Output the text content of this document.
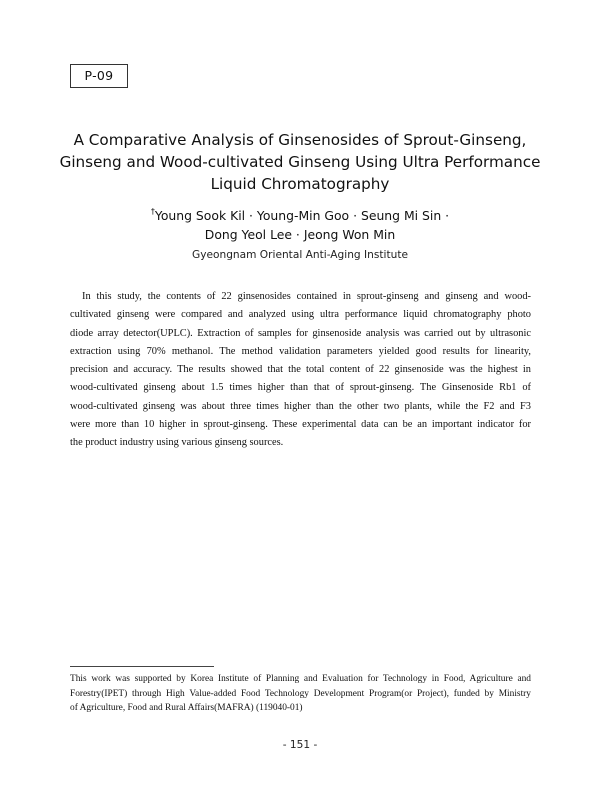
P-09
A Comparative Analysis of Ginsenosides of Sprout-Ginseng,
Ginseng and Wood-cultivated Ginseng Using Ultra Performance
Liquid Chromatography
†Young Sook Kil · Young-Min Goo · Seung Mi Sin ·
Dong Yeol Lee · Jeong Won Min
Gyeongnam Oriental Anti-Aging Institute
In this study, the contents of 22 ginsenosides contained in sprout-ginseng and ginseng and wood-
cultivated ginseng were compared and analyzed using ultra performance liquid chromatography photo
diode array detector(UPLC). Extraction of samples for ginsenoside analysis was carried out by ultrasonic
extraction using 70% methanol. The method validation parameters yielded good results for linearity,
precision and accuracy. The results showed that the total content of 22 ginsenoside was the highest in
wood-cultivated ginseng about 1.5 times higher than that of sprout-ginseng. The Ginsenoside Rb1 of
wood-cultivated ginseng was about three times higher than the other two plants, while the F2 and F3
were more than 10 higher in sprout-ginseng. These experimental data can be an important indicator for
the product industry using various ginseng sources.
This work was supported by Korea Institute of Planning and Evaluation for Technology in Food, Agriculture and
Forestry(IPET) through High Value-added Food Technology Development Program(or Project), funded by Ministry
of Agriculture, Food and Rural Affairs(MAFRA) (119040-01)
- 151 -
